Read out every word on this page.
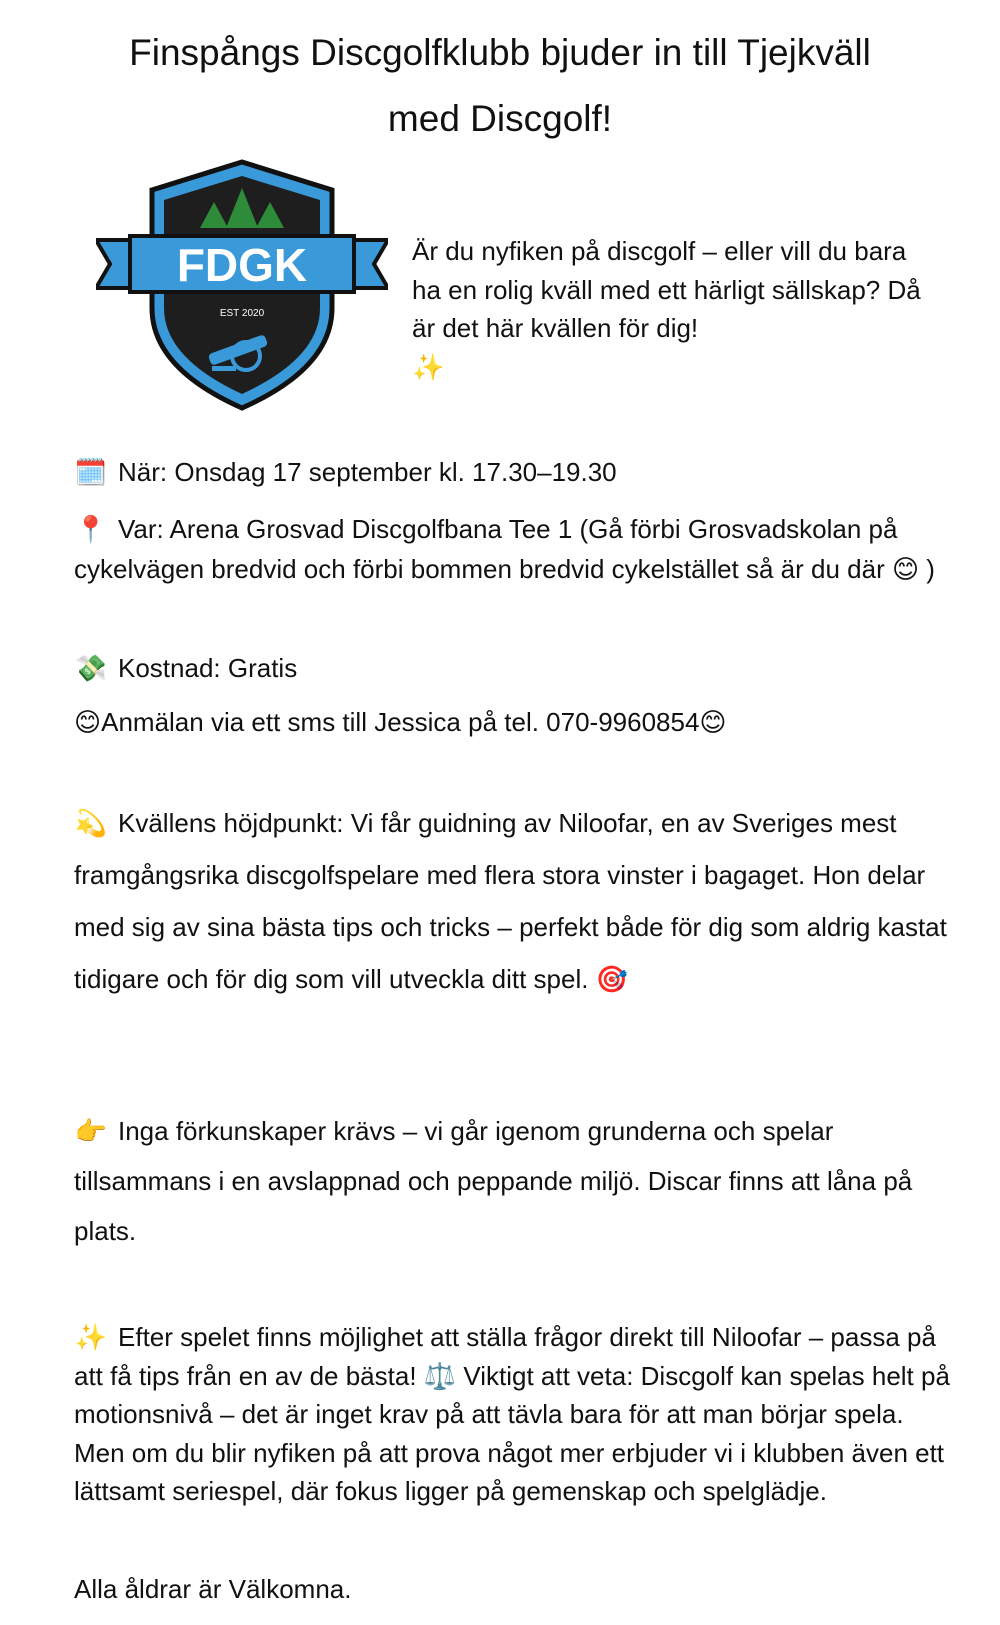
Finspångs Discgolfklubb bjuder in till Tjejkväll
med Discgolf!
FDGK
EST 2020

Är du nyfiken på discgolf – eller vill du bara ha en rolig kväll med ett härligt sällskap? Då är det här kvällen för dig!
✨

🗓️ När: Onsdag 17 september kl. 17.30–19.30

📍 Var: Arena Grosvad Discgolfbana Tee 1 (Gå förbi Grosvadskolan på cykelvägen bredvid och förbi bommen bredvid cykelstället så är du där 😊 )

💸 Kostnad: Gratis

😊Anmälan via ett sms till Jessica på tel. 070-9960854😊

💫 Kvällens höjdpunkt: Vi får guidning av Niloofar, en av Sveriges mest framgångsrika discgolfspelare med flera stora vinster i bagaget. Hon delar med sig av sina bästa tips och tricks – perfekt både för dig som aldrig kastat tidigare och för dig som vill utveckla ditt spel. 🎯

👉 Inga förkunskaper krävs – vi går igenom grunderna och spelar tillsammans i en avslappnad och peppande miljö. Discar finns att låna på plats.

✨ Efter spelet finns möjlighet att ställa frågor direkt till Niloofar – passa på att få tips från en av de bästa! ⚖️ Viktigt att veta: Discgolf kan spelas helt på motionsnivå – det är inget krav på att tävla bara för att man börjar spela. Men om du blir nyfiken på att prova något mer erbjuder vi i klubben även ett lättsamt seriespel, där fokus ligger på gemenskap och spelglädje.

Alla åldrar är Välkomna.
